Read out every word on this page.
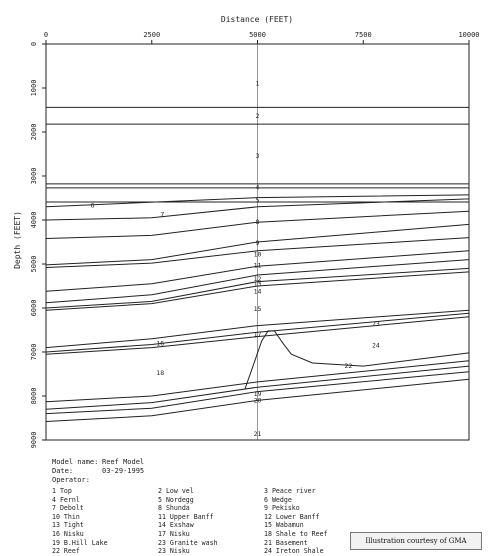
Distance (FEET)
Depth (FEET)
0	2500	5000	7500	10000
0
1000
2000
3000
4000
5000
6000
7000
8000
9000
1
2
3
4
5
6
7
8
9
10
11
12
13
14
15
16
17
18
19
20
21
22
23
24
Model name: Reef Model
Date:	03-29-1995
Operator:
1 Top	2 Low vel	3 Peace river
4 Fernl	5 Nordegg	6 Wedge
7 Debolt	8 Shunda	9 Pekisko
10 Thin	11 Upper Banff	12 Lower Banff
13 Tight	14 Exshaw	15 Wabamun
16 Nisku	17 Nisku	18 Shale to Reef
19 B.Hill Lake	23 Granite wash	21 Basement
22 Reef	23 Nisku	24 Ireton Shale
Illustration courtesy of GMA
